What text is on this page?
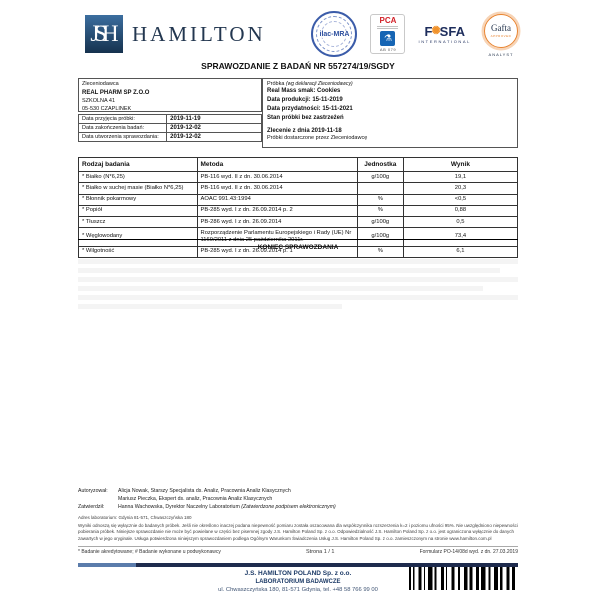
JSH HAMILTON	ilac-MRA
PCA
⚗
AB 079
F ✺ SFA
INTERNATIONAL
Gafta
APPROVED
ANALYST
SPRAWOZDANIE Z BADAŃ NR 557274/19/SGDY
Zleceniodawca
REAL PHARM SP Z.O.O
SZKOLNA 41
05-530 CZAPLINEK
Data przyjęcia próbki:	2019-11-19
Data zakończenia badań:	2019-12-02
Data utworzenia sprawozdania:	2019-12-02
Próbka (wg deklaracji Zleceniodawcy)
Real Mass smak: Cookies
Data produkcji: 15-11-2019
Data przydatności: 15-11-2021
Stan próbki bez zastrzeżeń
Zlecenie z dnia 2019-11-18
Próbki dostarczone przez Zleceniodawcę
Rodzaj badania	Metoda	Jednostka	Wynik
* Białko (N*6,25)	PB-116 wyd. II z dn. 30.06.2014	g/100g	19,1
* Białko w suchej masie (Białko N*6,25)	PB-116 wyd. II z dn. 30.06.2014		20,3
* Błonnik pokarmowy	AOAC 991.43:1994	%	<0,5
* Popiół	PB-285 wyd. I z dn. 26.09.2014 p. 2	%	0,88
* Tłuszcz	PB-286 wyd. I z dn. 26.09.2014	g/100g	0,5
* Węglowodany	Rozporządzenie Parlamentu Europejskiego i Rady (UE) Nr 1169/2011 z dnia 25 października 2011r.	g/100g	73,4
* Wilgotność	PB-285 wyd. I z dn. 26.09.2014 p. 1	%	6,1
KONIEC SPRAWOZDANIA
Autoryzował:	Alicja Nowak, Starszy Specjalista ds. Analiz, Pracownia Analiz Klasycznych
Mariusz Pieczka, Ekspert ds. analiz, Pracownia Analiz Klasycznych
Zatwierdził:	Hanna Wachowska, Dyrektor Naczelny Laboratorium (Zatwierdzone podpisem elektronicznym)
Adres laboratorium: Gdynia 81-571, Chwaszczyńska 180
Wyniki odnoszą się wyłącznie do badanych próbek. Jeśli nie określono inaczej podana niepewność pomiaru została oszacowana dla współczynnika rozszerzenia k=2 i poziomu ufności 95%. Nie uwzględniono niepewności pobierania próbek. Niniejsze sprawozdanie nie może być powielane w części bez pisemnej zgody J.S. Hamilton Poland Sp. z o.o. Odpowiedzialność J.S. Hamilton Poland Sp. z o.o. jest ograniczona wyłącznie do danych zawartych w jego oryginale. Usługa potwierdzona niniejszym sprawozdaniem podlega Ogólnym Warunkom Świadczenia Usług J.S. Hamilton Poland Sp. z o.o. zamieszczonym na stronie www.hamilton.com.pl
* Badanie akredytowane; # Badanie wykonane u podwykonawcy	Strona 1 / 1	Formularz PO-14/08d wyd. z dn. 27.03.2019
J.S. HAMILTON POLAND Sp. z o.o.
LABORATORIUM BADAWCZE
ul. Chwaszczyńska 180, 81-571 Gdynia, tel. +48 58 766 99 00
